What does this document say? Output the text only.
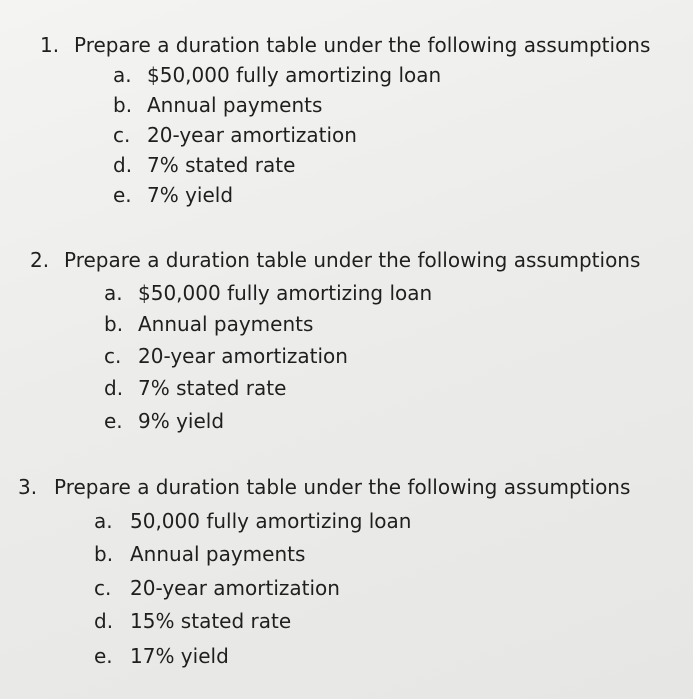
1. Prepare a duration table under the following assumptions
a. $50,000 fully amortizing loan
b. Annual payments
c. 20-year amortization
d. 7% stated rate
e. 7% yield
2. Prepare a duration table under the following assumptions
a. $50,000 fully amortizing loan
b. Annual payments
c. 20-year amortization
d. 7% stated rate
e. 9% yield
3. Prepare a duration table under the following assumptions
a. 50,000 fully amortizing loan
b. Annual payments
c. 20-year amortization
d. 15% stated rate
e. 17% yield
